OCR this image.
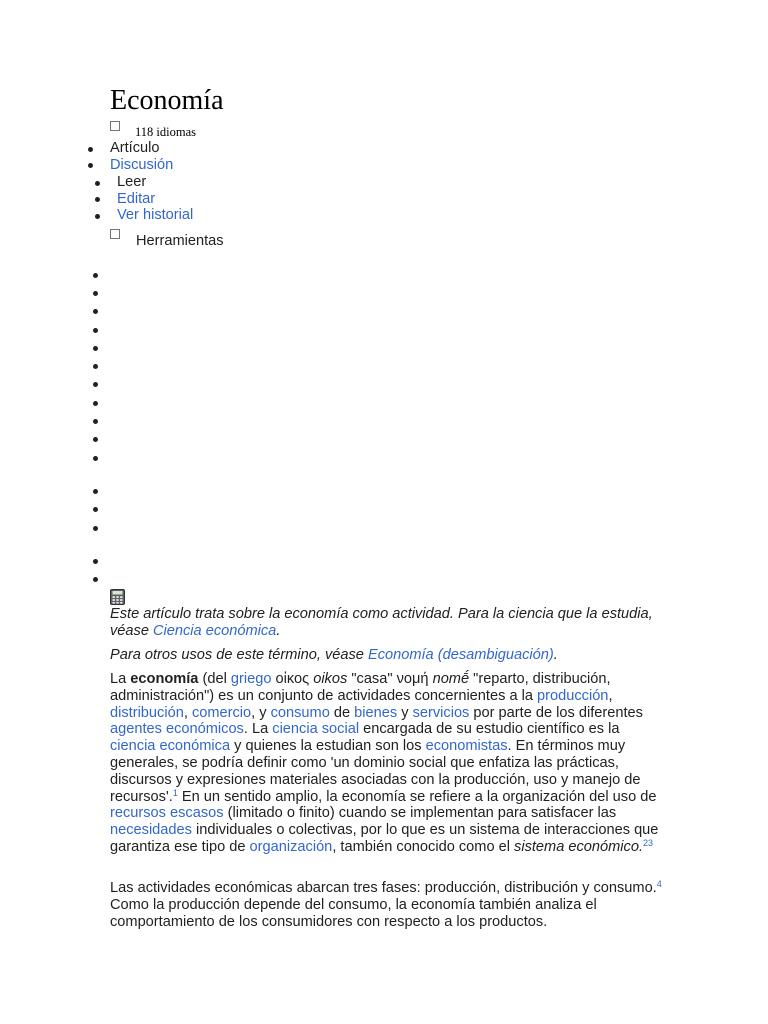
Economía
118 idiomas
Artículo
Discusión
Leer
Editar
Ver historial
Herramientas

Este artículo trata sobre la economía como actividad. Para la ciencia que la estudia, véase Ciencia económica.

Para otros usos de este término, véase Economía (desambiguación).

La economía (del griego οἰκος oikos "casa" νομή nomḗ "reparto, distribución, administración") es un conjunto de actividades concernientes a la producción, distribución, comercio, y consumo de bienes y servicios por parte de los diferentes agentes económicos. La ciencia social encargada de su estudio científico es la ciencia económica y quienes la estudian son los economistas. En términos muy generales, se podría definir como 'un dominio social que enfatiza las prácticas, discursos y expresiones materiales asociadas con la producción, uso y manejo de recursos'.$^1$ En un sentido amplio, la economía se refiere a la organización del uso de recursos escasos (limitado o finito) cuando se implementan para satisfacer las necesidades individuales o colectivas, por lo que es un sistema de interacciones que garantiza ese tipo de organización, también conocido como el sistema económico.$^{23}$

Las actividades económicas abarcan tres fases: producción, distribución y consumo.$^4$ Como la producción depende del consumo, la economía también analiza el comportamiento de los consumidores con respecto a los productos.
